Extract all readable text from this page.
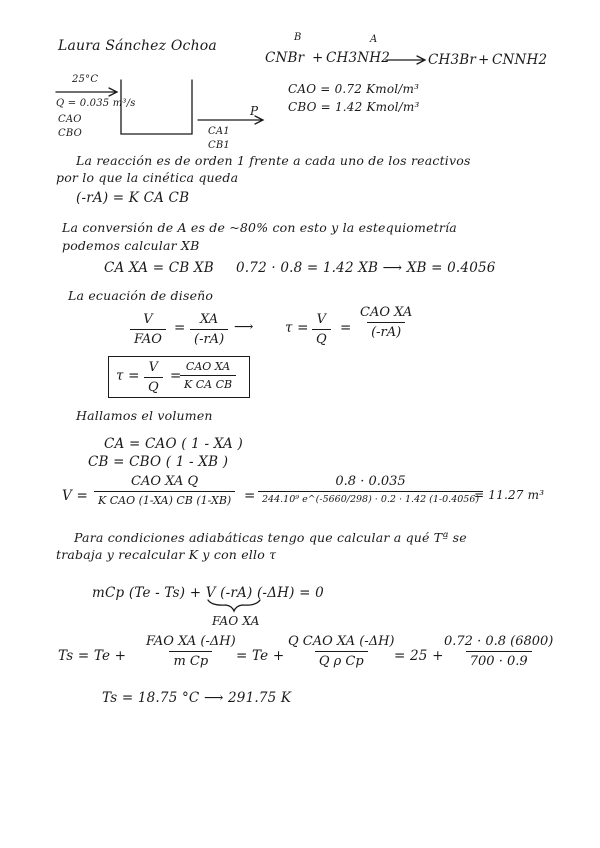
Laura Sánchez Ochoa
B	A
CNBr + CH3NH2	CH3Br + CNNH2
CAO = 0.72 Kmol/m³
CBO = 1.42 Kmol/m³
25°C
Q = 0.035 m³/s
CAO
CBO
P
CA1
CB1
La reacción es de orden 1 frente a cada uno de los reactivos
por lo que la cinética queda
(-rA) = K CA CB
La conversión de A es de ~80% con esto y la estequiometría
podemos calcular XB
CA XA = CB XB 0.72 · 0.8 = 1.42 XB ⟶ XB = 0.4056
La ecuación de diseño
V
FAO
= $\frac{XA}{(-rA)}$ ⟶ $\tau = \frac{V}{Q}$ =
CAO XA
(-rA)
$\tau = \frac{V}{Q}$ =
CAO XA
K CA CB
Hallamos el volumen
CA = CAO ( 1 - XA )
CB = CBO ( 1 - XB )
V =
CAO XA Q
K CAO (1-XA) CB (1-XB) =
0.8 · 0.035
244.10⁹ e^(-5660/298) · 0.2 · 1.42 (1-0.4056)
= 11.27 m³
Para condiciones adiabáticas tengo que calcular a qué Tª se
trabaja y recalcular K y con ello τ
mCp (Te - Ts) + V (-rA) (-ΔH) = 0
FAO XA
Ts = Te +
FAO XA (-ΔH)
m Cp = Te +
Q CAO XA (-ΔH)
Q ρ Cp = 25 +
$\frac{0.72 \cdot 0.8 (6800)}{700 \cdot 0.9}$
Ts = 18.75 °C ⟶ 291.75 K
